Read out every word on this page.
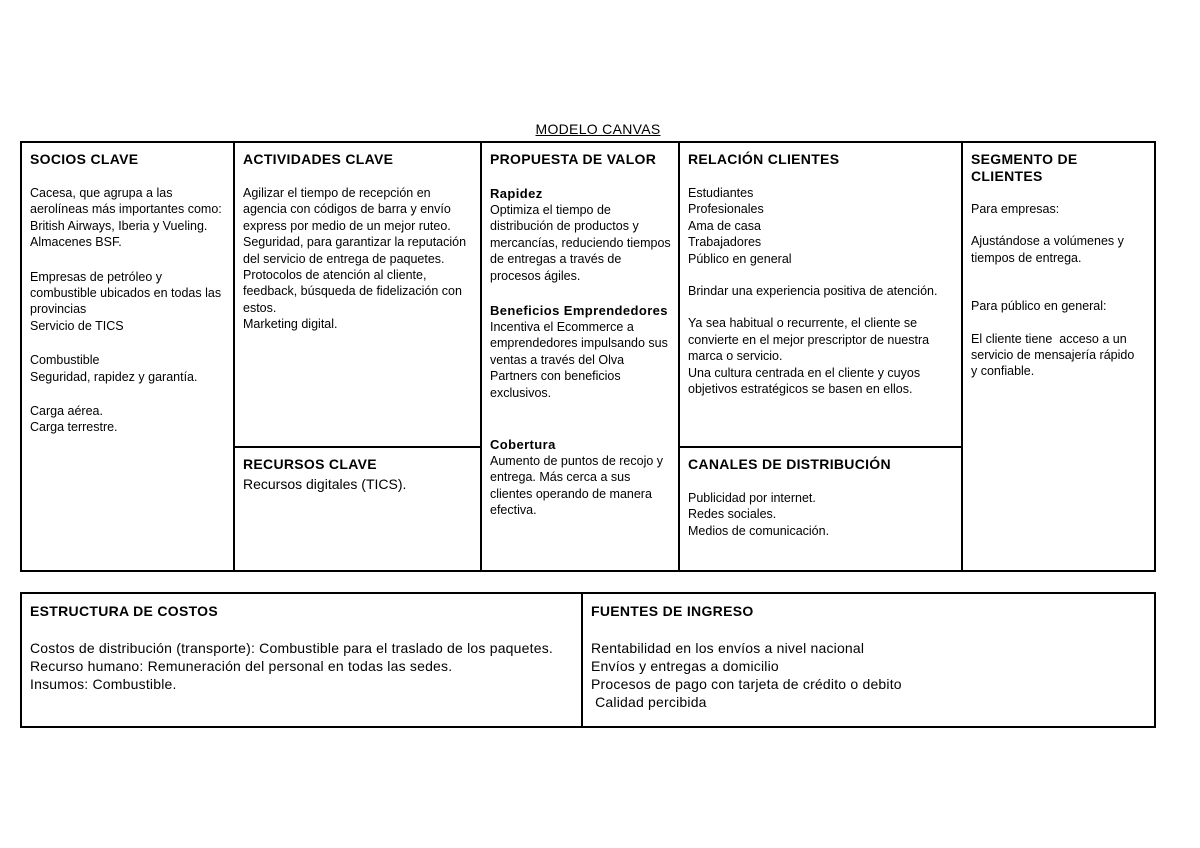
MODELO CANVAS

SOCIOS CLAVE

Cacesa, que agrupa a las aerolíneas más importantes como: British Airways, Iberia y Vueling.
Almacenes BSF.

Empresas de petróleo y combustible ubicados en todas las provincias
Servicio de TICS

Combustible
Seguridad, rapidez y garantía.

Carga aérea.
Carga terrestre.

ACTIVIDADES CLAVE

Agilizar el tiempo de recepción en agencia con códigos de barra y envío express por medio de un mejor ruteo.
Seguridad, para garantizar la reputación del servicio de entrega de paquetes.
Protocolos de atención al cliente, feedback, búsqueda de fidelización con estos.
Marketing digital.

RECURSOS CLAVE

Recursos digitales (TICS).

PROPUESTA DE VALOR

Rapidez

Optimiza el tiempo de distribución de productos y mercancías, reduciendo tiempos de entregas a través de procesos ágiles.

Beneficios Emprendedores

Incentiva el Ecommerce a emprendedores impulsando sus ventas a través del Olva Partners con beneficios exclusivos.

Cobertura

Aumento de puntos de recojo y entrega. Más cerca a sus clientes operando de manera efectiva.

RELACIÓN CLIENTES

Estudiantes
Profesionales
Ama de casa
Trabajadores
Público en general

Brindar una experiencia positiva de atención.

Ya sea habitual o recurrente, el cliente se convierte en el mejor prescriptor de nuestra marca o servicio.
Una cultura centrada en el cliente y cuyos objetivos estratégicos se basen en ellos.

CANALES DE DISTRIBUCIÓN

Publicidad por internet.
Redes sociales.
Medios de comunicación.

SEGMENTO DE CLIENTES

Para empresas:

Ajustándose a volúmenes y tiempos de entrega.

Para público en general:

El cliente tiene  acceso a un servicio de mensajería rápido   y confiable.

ESTRUCTURA DE COSTOS

Costos de distribución (transporte): Combustible para el traslado de los paquetes.
Recurso humano: Remuneración del personal en todas las sedes.
Insumos: Combustible.

FUENTES DE INGRESO

Rentabilidad en los envíos a nivel nacional
Envíos y entregas a domicilio
Procesos de pago con tarjeta de crédito o debito
Calidad percibida
